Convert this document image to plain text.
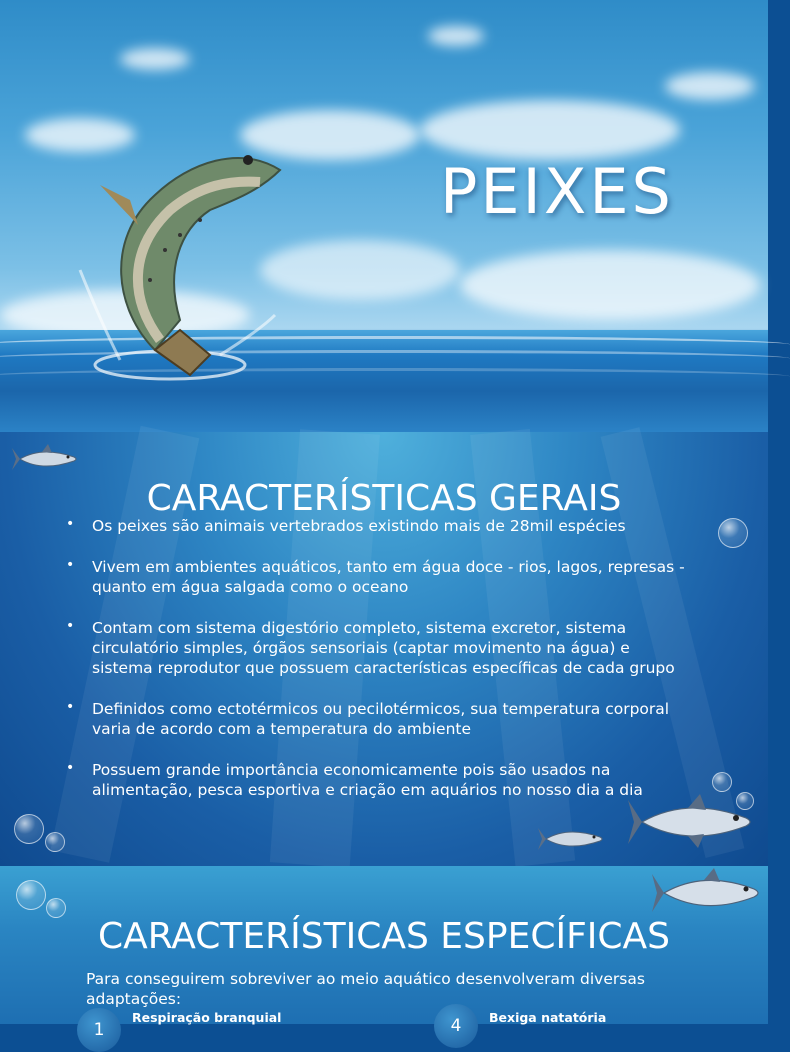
PEIXES
CARACTERÍSTICAS GERAIS
• Os peixes são animais vertebrados existindo mais de 28mil espécies
• Vivem em ambientes aquáticos, tanto em água doce - rios, lagos, represas - quanto em água salgada como o oceano
• Contam com sistema digestório completo, sistema excretor, sistema circulatório simples, órgãos sensoriais (captar movimento na água) e sistema reprodutor que possuem características específicas de cada grupo
• Definidos como ectotérmicos ou pecilotérmicos, sua temperatura corporal varia de acordo com a temperatura do ambiente
• Possuem grande importância economicamente pois são usados na alimentação, pesca esportiva e criação em aquários no nosso dia a dia
CARACTERÍSTICAS ESPECÍFICAS
Para conseguirem sobreviver ao meio aquático desenvolveram diversas adaptações:
1
Respiração branquial	4	Bexiga natatória
